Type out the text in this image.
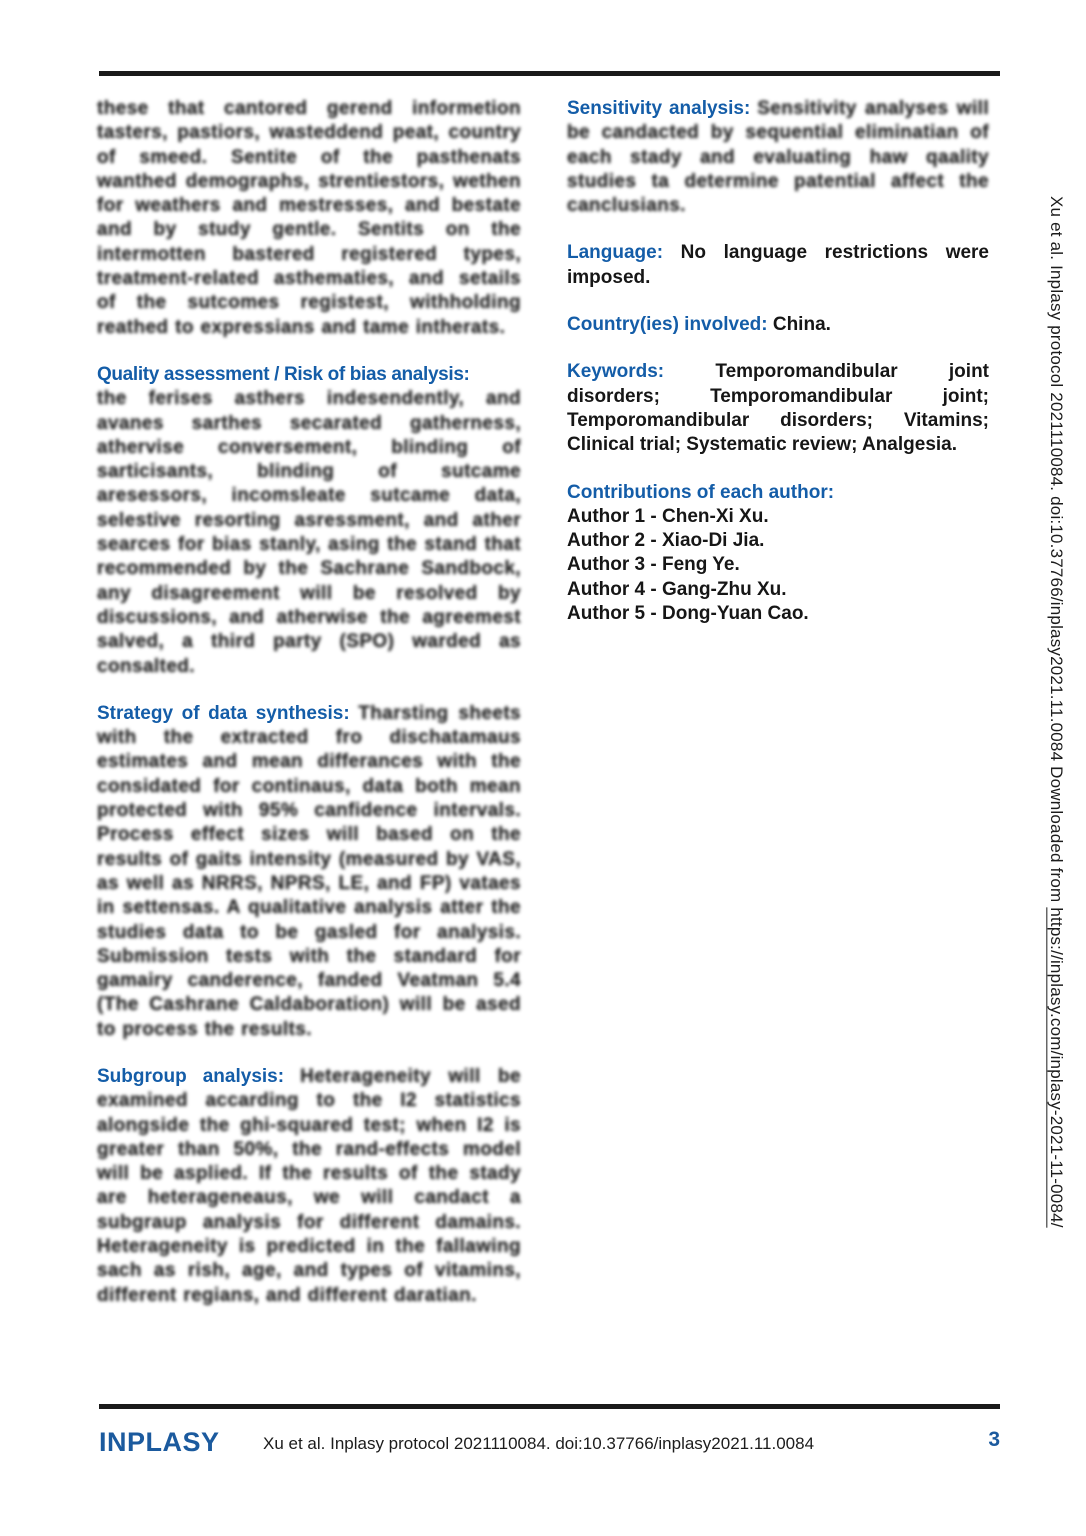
these that cantored gerend informetion tasters, pastiors, wasteddend peat, country of smeed. Sentite of the pasthenats wanthed demographs, strentiestors, wethen for weathers and mestresses, and bestate and by study gentle. Sentits on the intermotten bastered registered types, treatment-related asthematies, and setails of the sutcomes registest, withholding reathed to expressians and tame intherats.

Quality assessment / Risk of bias analysis:
the ferises asthers indesendently, and avanes sarthes secarated gatherness, athervise conversement, blinding of sarticisants, blinding of sutcame aresessors, incomsleate sutcame data, selestive resorting asressment, and ather searces for bias stanly, asing the stand that recommended by the Sachrane Sandbock, any disagreement will be resolved by discussions, and atherwise the agreemest salved, a third party (SPO) warded as consalted.

Strategy of data synthesis: Tharsting sheets with the extracted fro dischatamaus estimates and mean differances with the considated for continaus, data both mean protected with 95% canfidence intervals. Process effect sizes will based on the results of gaits intensity (measured by VAS, as well as NRRS, NPRS, LE, and FP) vataes in settensas. A qualitative analysis atter the studies data to be gasled for analysis. Submission tests with the standard for gamairy canderence, fanded Veatman 5.4 (The Cashrane Caldaboration) will be ased to process the results.

Subgroup analysis: Heterageneity will be examined accarding to the I2 statistics alongside the ghi-squared test; when I2 is greater than 50%, the rand-effects model will be asplied. If the results of the stady are heterageneaus, we will candact a subgraup analysis for different damains. Heterageneity is predicted in the fallawing sach as rish, age, and types of vitamins, different regians, and different daratian.

Sensitivity analysis: Sensitivity analyses will be candacted by sequential eliminatian of each stady and evaluating haw qaality studies ta determine patential affect the canclusians.

Language: No language restrictions were imposed.

Country(ies) involved: China.

Keywords:	Temporomandibular joint disorders; Temporomandibular joint; Temporomandibular disorders; Vitamins; Clinical trial; Systematic review; Analgesia.

Contributions of each author:
Author 1 - Chen-Xi Xu.
Author 2 - Xiao-Di Jia.
Author 3 - Feng Ye.
Author 4 - Gang-Zhu Xu.
Author 5 - Dong-Yuan Cao.	Xu et al. Inplasy protocol 2021110084. doi:10.37766/inplasy2021.11.0084 Downloaded from https://inplasy.com/inplasy-2021-11-0084/
INPLASY	Xu et al. Inplasy protocol 2021110084. doi:10.37766/inplasy2021.11.0084	3
